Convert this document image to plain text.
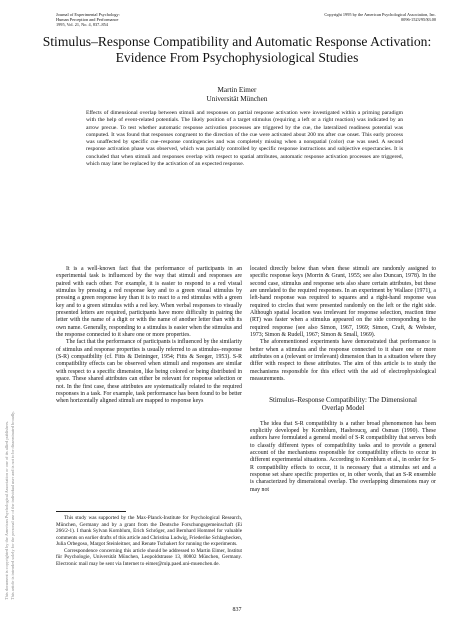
Journal of Experimental Psychology:
Human Perception and Performance
1995, Vol. 21, No. 4, 837–854
Copyright 1995 by the American Psychological Association, Inc.
0096-1523/95/$3.00
Stimulus–Response Compatibility and Automatic Response Activation:
Evidence From Psychophysiological Studies
Martin Eimer
Universität München
Effects of dimensional overlap between stimuli and responses on partial response activation were investigated within a priming paradigm with the help of event-related potentials. The likely position of a target stimulus (requiring a left or a right reaction) was indicated by an arrow precue. To test whether automatic response activation processes are triggered by the cue, the lateralized readiness potential was computed. It was found that responses congruent to the direction of the cue were activated about 200 ms after cue onset. This early process was unaffected by specific cue–response contingencies and was completely missing when a nonspatial (color) cue was used. A second response activation phase was observed, which was partially controlled by specific response instructions and subjective expectancies. It is concluded that when stimuli and responses overlap with respect to spatial attributes, automatic response activation processes are triggered, which may later be replaced by the activation of an expected response.
This document is copyrighted by the American Psychological Association or one of its allied publishers. This article is intended solely for the personal use of the individual user and is not to be disseminated broadly.

It is a well-known fact that the performance of participants in an experimental task is influenced by the way that stimuli and responses are paired with each other. For example, it is easier to respond to a red visual stimulus by pressing a red response key and to a green visual stimulus by pressing a green response key than it is to react to a red stimulus with a green key and to a green stimulus with a red key. When verbal responses to visually presented letters are required, participants have more difficulty in pairing the letter with the name of a digit or with the name of another letter than with its own name. Generally, responding to a stimulus is easier when the stimulus and the response connected to it share one or more properties.

The fact that the performance of participants is influenced by the similarity of stimulus and response properties is usually referred to as stimulus–response (S-R) compatibility (cf. Fitts & Deininger, 1954; Fitts & Seeger, 1953). S-R compatibility effects can be observed when stimuli and responses are similar with respect to a specific dimension, like being colored or being distributed in space. These shared attributes can either be relevant for response selection or not. In the first case, these attributes are systematically related to the required responses in a task. For example, task performance has been found to be better when horizontally aligned stimuli are mapped to response keys

This study was supported by the Max-Planck-Institute for Psychological Research, München, Germany and by a grant from the Deutsche Forschungsgemeinschaft (Ei 266/2-1). I thank Sylvan Kornblum, Erich Schröger, and Bernhard Hommel for valuable comments on earlier drafts of this article and Christina Ludwig, Friederike Schlaghecken, Julia Orbegoso, Margot Steinleitner, and Renate Tschakert for running the experiments.

Correspondence concerning this article should be addressed to Martin Eimer, Institut für Psychologie, Universität München, Leopoldstrasse 13, 80802 München, Germany. Electronic mail may be sent via Internet to eimer@mip.paed.uni-muenchen.de.

located directly below than when these stimuli are randomly assigned to specific response keys (Morrin & Grant, 1955; see also Duncan, 1978). In the second case, stimulus and response sets also share certain attributes, but these are unrelated to the required responses. In an experiment by Wallace (1971), a left-hand response was required to squares and a right-hand response was required to circles that were presented randomly on the left or the right side. Although spatial location was irrelevant for response selection, reaction time (RT) was faster when a stimulus appeared on the side corresponding to the required response (see also Simon, 1967, 1969; Simon, Craft, & Webster, 1973; Simon & Rudell, 1967; Simon & Small, 1969).

The aforementioned experiments have demonstrated that performance is better when a stimulus and the response connected to it share one or more attributes on a (relevant or irrelevant) dimension than in a situation where they differ with respect to these attributes. The aim of this article is to study the mechanisms responsible for this effect with the aid of electrophysiological measurements.

Stimulus–Response Compatibility: The Dimensional
Overlap Model

The idea that S-R compatibility is a rather broad phenomenon has been explicitly developed by Kornblum, Hasbroucq, and Osman (1990). These authors have formulated a general model of S-R compatibility that serves both to classify different types of compatibility tasks and to provide a general account of the mechanisms responsible for compatibility effects to occur in different experimental situations. According to Kornblum et al., in order for S-R compatibility effects to occur, it is necessary that a stimulus set and a response set share specific properties or, in other words, that an S-R ensemble is characterized by dimensional overlap. The overlapping dimensions may or may not

837
